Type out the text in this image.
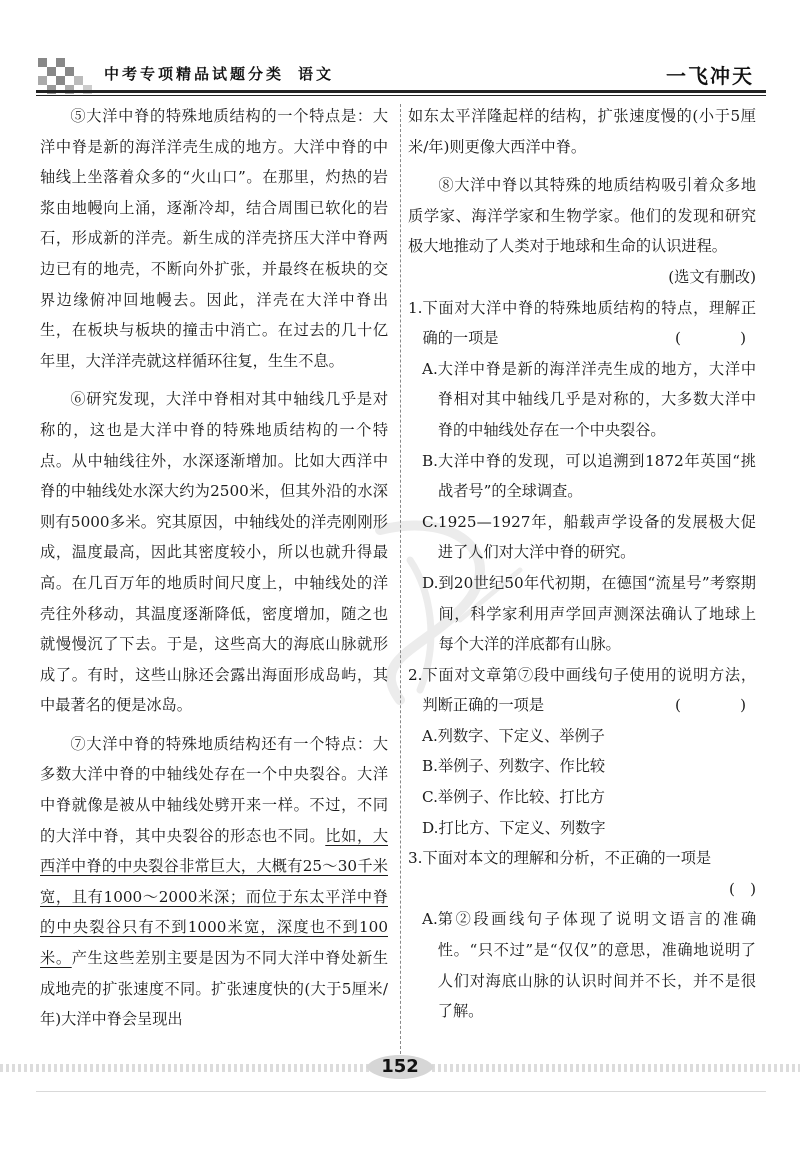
中考专项精品试题分类 语文	一飞冲天

⑤大洋中脊的特殊地质结构的一个特点是：大洋中脊是新的海洋洋壳生成的地方。大洋中脊的中轴线上坐落着众多的“火山口”。在那里，灼热的岩浆由地幔向上涌，逐渐冷却，结合周围已软化的岩石，形成新的洋壳。新生成的洋壳挤压大洋中脊两边已有的地壳，不断向外扩张，并最终在板块的交界边缘俯冲回地幔去。因此，洋壳在大洋中脊出生，在板块与板块的撞击中消亡。在过去的几十亿年里，大洋洋壳就这样循环往复，生生不息。

⑥研究发现，大洋中脊相对其中轴线几乎是对称的，这也是大洋中脊的特殊地质结构的一个特点。从中轴线往外，水深逐渐增加。比如大西洋中脊的中轴线处水深大约为2500米，但其外沿的水深则有5000多米。究其原因，中轴线处的洋壳刚刚形成，温度最高，因此其密度较小，所以也就升得最高。在几百万年的地质时间尺度上，中轴线处的洋壳往外移动，其温度逐渐降低，密度增加，随之也就慢慢沉了下去。于是，这些高大的海底山脉就形成了。有时，这些山脉还会露出海面形成岛屿，其中最著名的便是冰岛。

⑦大洋中脊的特殊地质结构还有一个特点：大多数大洋中脊的中轴线处存在一个中央裂谷。大洋中脊就像是被从中轴线处劈开来一样。不过，不同的大洋中脊，其中央裂谷的形态也不同。比如，大西洋中脊的中央裂谷非常巨大，大概有25～30千米宽，且有1000～2000米深；而位于东太平洋中脊的中央裂谷只有不到1000米宽，深度也不到100米。产生这些差别主要是因为不同大洋中脊处新生成地壳的扩张速度不同。扩张速度快的(大于5厘米/年)大洋中脊会呈现出

如东太平洋隆起样的结构，扩张速度慢的(小于5厘米/年)则更像大西洋中脊。

⑧大洋中脊以其特殊的地质结构吸引着众多地质学家、海洋学家和生物学家。他们的发现和研究极大地推动了人类对于地球和生命的认识进程。

(选文有删改)

1. 下面对大洋中脊的特殊地质结构的特点，理解正确的一项是	(　)
A. 大洋中脊是新的海洋洋壳生成的地方，大洋中脊相对其中轴线几乎是对称的，大多数大洋中脊的中轴线处存在一个中央裂谷。
B. 大洋中脊的发现，可以追溯到1872年英国“挑战者号”的全球调查。
C. 1925—1927年，船载声学设备的发展极大促进了人们对大洋中脊的研究。
D. 到20世纪50年代初期，在德国“流星号”考察期间，科学家利用声学回声测深法确认了地球上每个大洋的洋底都有山脉。
2. 下面对文章第⑦段中画线句子使用的说明方法，判断正确的一项是	(　)
A. 列数字、下定义、举例子
B. 举例子、列数字、作比较
C. 举例子、作比较、打比方
D. 打比方、下定义、列数字
3. 下面对本文的理解和分析，不正确的一项是

(　)

A. 第②段画线句子体现了说明文语言的准确性。“只不过”是“仅仅”的意思，准确地说明了人们对海底山脉的认识时间并不长，并不是很了解。
152
